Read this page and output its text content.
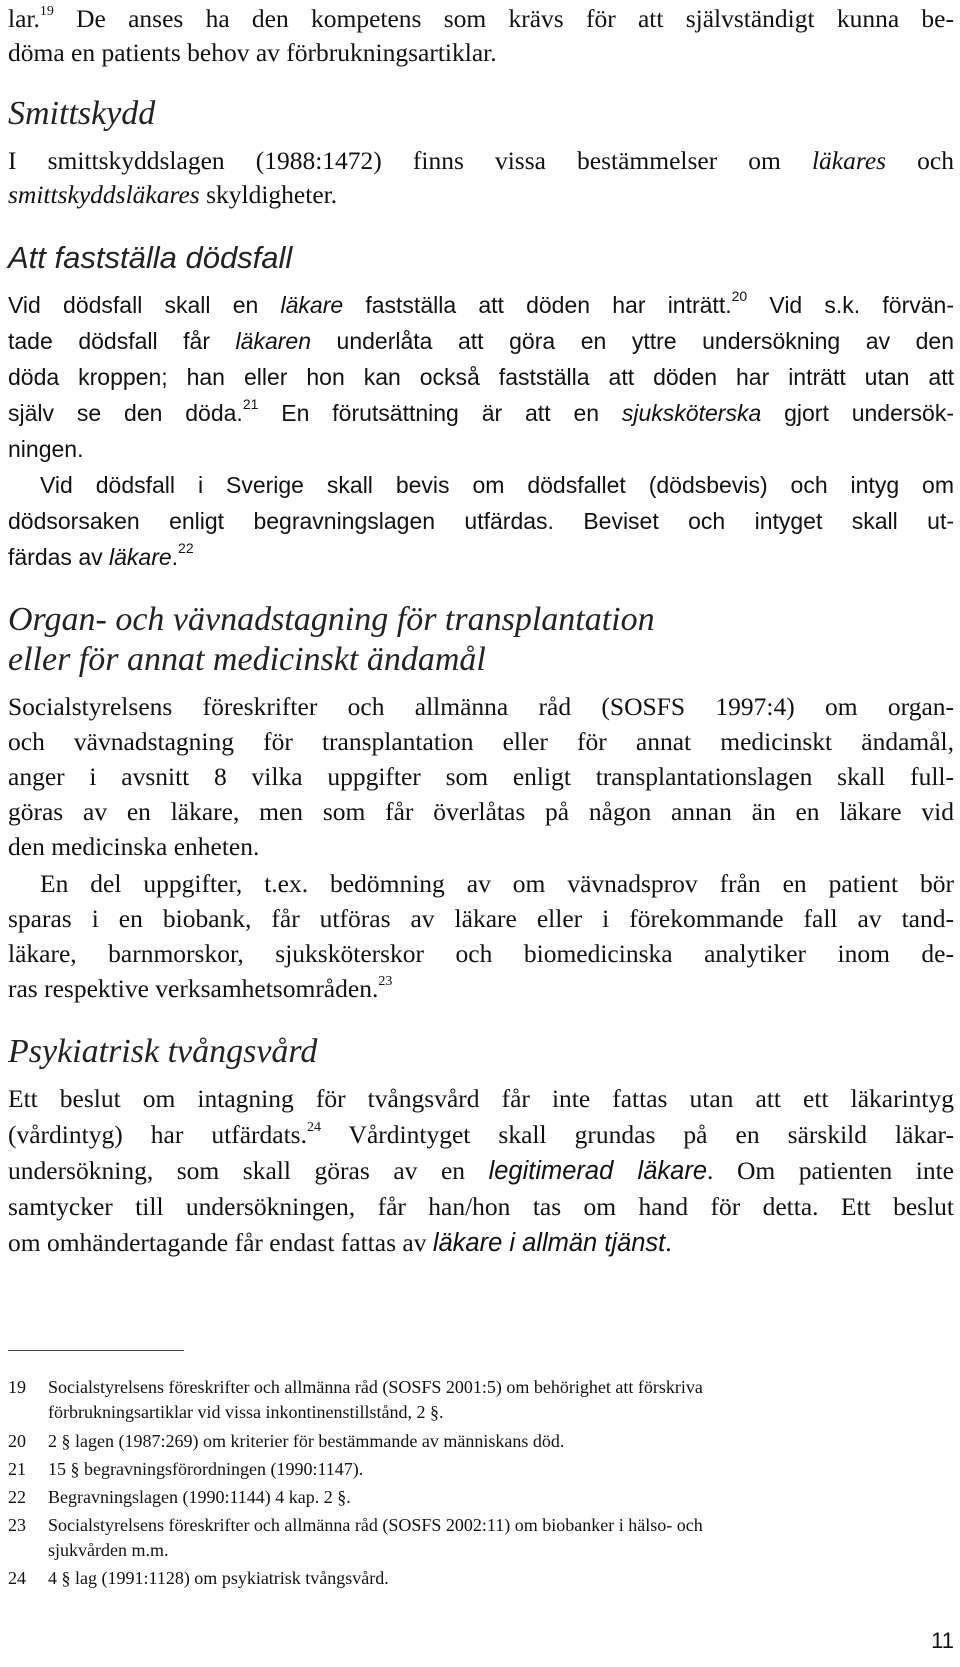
lar.$^{19}$ De anses ha den kompetens som krävs för att självständigt kunna be-
döma en patients behov av förbrukningsartiklar.
Smittskydd
I smittskyddslagen (1988:1472) finns vissa bestämmelser om läkares och
smittskyddsläkares skyldigheter.
Att fastställa dödsfall
Vid dödsfall skall en läkare fastställa att döden har inträtt.$^{20}$ Vid s.k. förvän-
tade dödsfall får läkaren underlåta att göra en yttre undersökning av den
döda kroppen; han eller hon kan också fastställa att döden har inträtt utan att
själv se den döda.$^{21}$ En förutsättning är att en sjuksköterska gjort undersök-
ningen.
Vid dödsfall i Sverige skall bevis om dödsfallet (dödsbevis) och intyg om
dödsorsaken enligt begravningslagen utfärdas. Beviset och intyget skall ut-
färdas av läkare.$^{22}$
Organ- och vävnadstagning för transplantation
eller för annat medicinskt ändamål
Socialstyrelsens föreskrifter och allmänna råd (SOSFS 1997:4) om organ-
och vävnadstagning för transplantation eller för annat medicinskt ändamål,
anger i avsnitt 8 vilka uppgifter som enligt transplantationslagen skall full-
göras av en läkare, men som får överlåtas på någon annan än en läkare vid
den medicinska enheten.
En del uppgifter, t.ex. bedömning av om vävnadsprov från en patient bör
sparas i en biobank, får utföras av läkare eller i förekommande fall av tand-
läkare, barnmorskor, sjuksköterskor och biomedicinska analytiker inom de-
ras respektive verksamhetsområden.$^{23}$
Psykiatrisk tvångsvård
Ett beslut om intagning för tvångsvård får inte fattas utan att ett läkarintyg
(vårdintyg) har utfärdats.$^{24}$ Vårdintyget skall grundas på en särskild läkar-
undersökning, som skall göras av en legitimerad läkare. Om patienten inte
samtycker till undersökningen, får han/hon tas om hand för detta. Ett beslut
om omhändertagande får endast fattas av läkare i allmän tjänst.
19	Socialstyrelsens föreskrifter och allmänna råd (SOSFS 2001:5) om behörighet att förskriva
förbrukningsartiklar vid vissa inkontinenstillstånd, 2 §.
20	2 § lagen (1987:269) om kriterier för bestämmande av människans död.
21	15 § begravningsförordningen (1990:1147).
22	Begravningslagen (1990:1144) 4 kap. 2 §.
23	Socialstyrelsens föreskrifter och allmänna råd (SOSFS 2002:11) om biobanker i hälso- och
sjukvården m.m.
24	4 § lag (1991:1128) om psykiatrisk tvångsvård.
11
